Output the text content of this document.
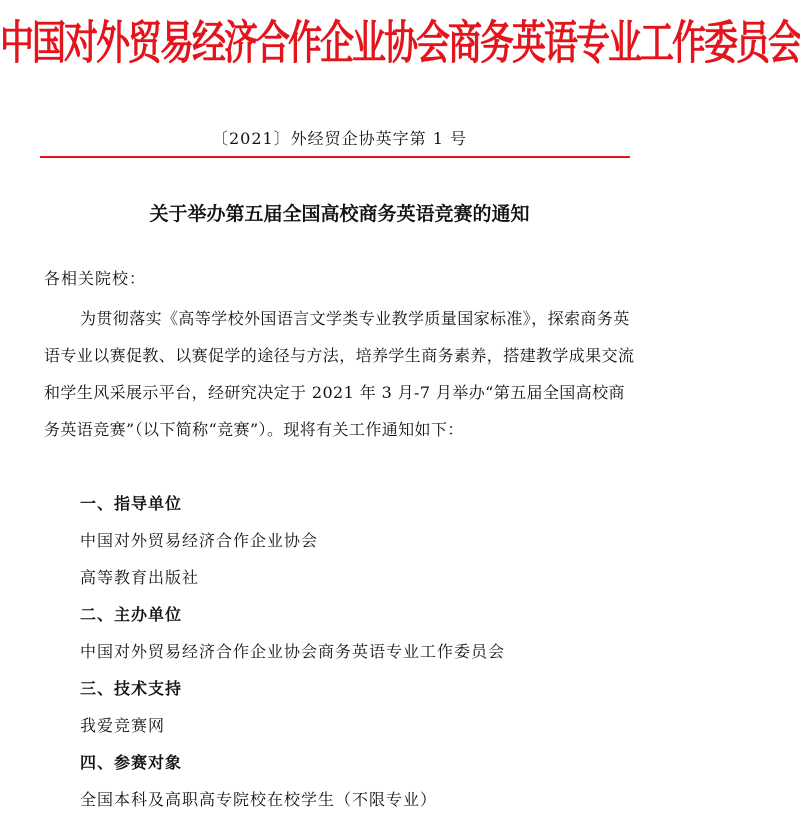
中国对外贸易经济合作企业协会商务英语专业工作委员会
〔2021〕外经贸企协英字第 1 号
关于举办第五届全国高校商务英语竞赛的通知
各相关院校：

为贯彻落实《高等学校外国语言文学类专业教学质量国家标准》，探索商务英语专业以赛促教、以赛促学的途径与方法，培养学生商务素养，搭建教学成果交流和学生风采展示平台，经研究决定于 2021 年 3 月-7 月举办“第五届全国高校商务英语竞赛”（以下简称“竞赛”）。现将有关工作通知如下：

一、指导单位
中国对外贸易经济合作企业协会
高等教育出版社
二、主办单位
中国对外贸易经济合作企业协会商务英语专业工作委员会
三、技术支持
我爱竞赛网
四、参赛对象
全国本科及高职高专院校在校学生（不限专业）
